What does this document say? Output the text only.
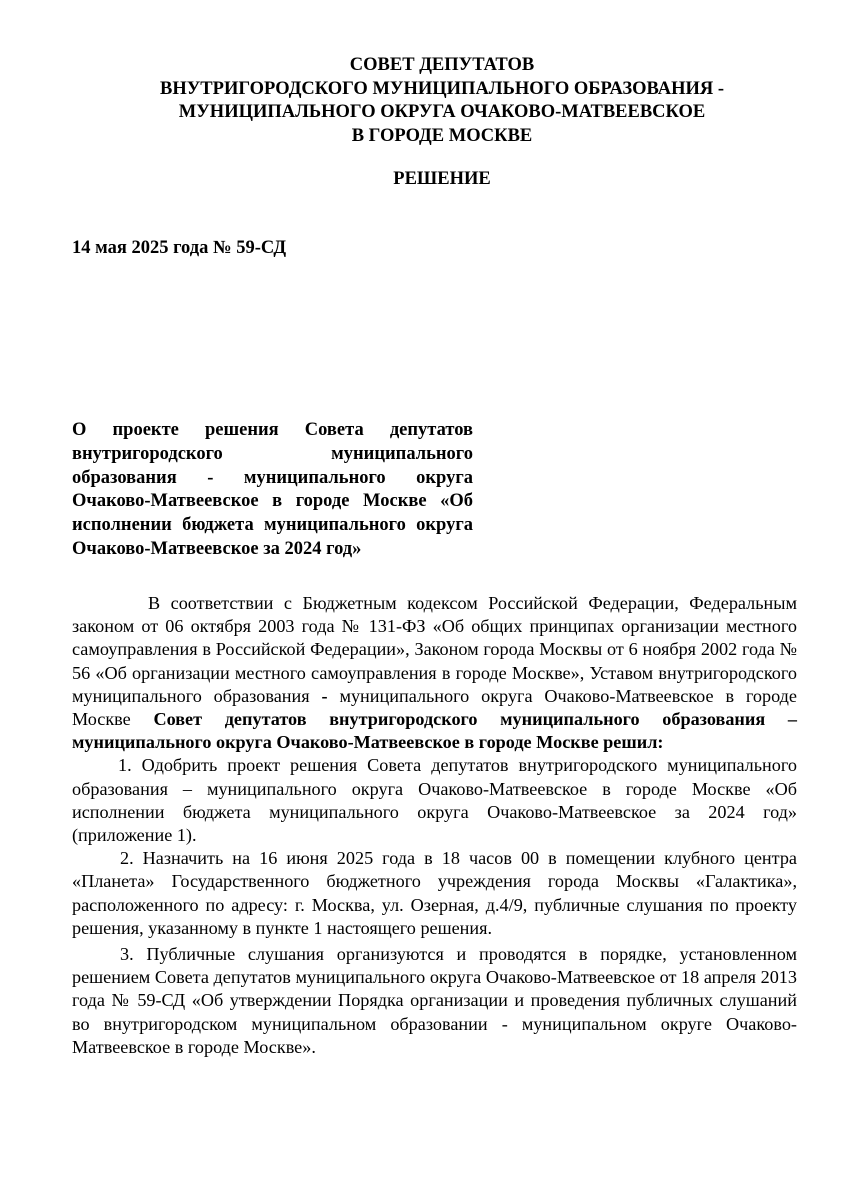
СОВЕТ ДЕПУТАТОВ
ВНУТРИГОРОДСКОГО МУНИЦИПАЛЬНОГО ОБРАЗОВАНИЯ -
МУНИЦИПАЛЬНОГО ОКРУГА ОЧАКОВО-МАТВЕЕВСКОЕ
В ГОРОДЕ МОСКВЕ
РЕШЕНИЕ
14 мая 2025 года № 59-СД
О проекте решения Совета депутатов внутригородского муниципального образования - муниципального округа Очаково-Матвеевское в городе Москве «Об исполнении бюджета муниципального округа Очаково-Матвеевское за 2024 год»

В соответствии с Бюджетным кодексом Российской Федерации, Федеральным законом от 06 октября 2003 года № 131-ФЗ «Об общих принципах организации местного самоуправления в Российской Федерации», Законом города Москвы от 6 ноября 2002 года № 56 «Об организации местного самоуправления в городе Москве», Уставом внутригородского муниципального образования - муниципального округа Очаково-Матвеевское в городе Москве Совет депутатов внутригородского муниципального образования – муниципального округа Очаково-Матвеевское в городе Москве решил:

1. Одобрить проект решения Совета депутатов внутригородского муниципального образования – муниципального округа Очаково-Матвеевское в городе Москве «Об исполнении бюджета муниципального округа Очаково-Матвеевское за 2024 год» (приложение 1).

2. Назначить на 16 июня 2025 года в 18 часов 00 в помещении клубного центра «Планета» Государственного бюджетного учреждения города Москвы «Галактика», расположенного по адресу: г. Москва, ул. Озерная, д.4/9, публичные слушания по проекту решения, указанному в пункте 1 настоящего решения.

3. Публичные слушания организуются и проводятся в порядке, установленном решением Совета депутатов муниципального округа Очаково-Матвеевское от 18 апреля 2013 года № 59-СД «Об утверждении Порядка организации и проведения публичных слушаний во внутригородском муниципальном образовании - муниципальном округе Очаково-Матвеевское в городе Москве».
